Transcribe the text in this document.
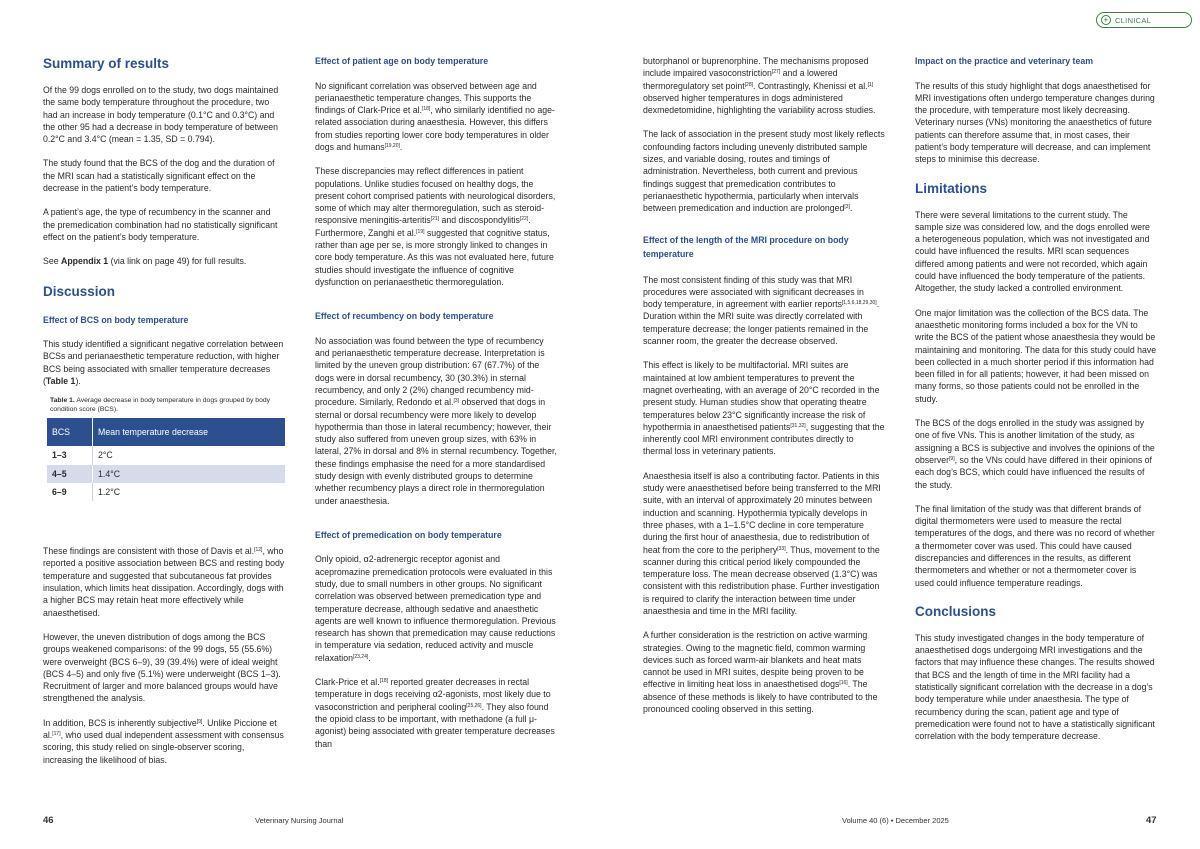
+ CLINICAL
Summary of results

Of the 99 dogs enrolled on to the study, two dogs maintained the same body temperature throughout the procedure, two had an increase in body temperature (0.1°C and 0.3°C) and the other 95 had a decrease in body temperature of between 0.2°C and 3.4°C (mean = 1.35, SD = 0.794).

The study found that the BCS of the dog and the duration of the MRI scan had a statistically significant effect on the decrease in the patient’s body temperature.

A patient’s age, the type of recumbency in the scanner and the premedication combination had no statistically significant effect on the patient’s body temperature.

See Appendix 1 (via link on page 49) for full results.

Discussion
Effect of BCS on body temperature

This study identified a significant negative correlation between BCSs and perianaesthetic temperature reduction, with higher BCS being associated with smaller temperature decreases (Table 1).

Table 1. Average decrease in body temperature in dogs grouped by body condition score (BCS).
BCS	Mean temperature decrease
1–3	2°C
4–5	1.4°C
6–9	1.2°C

These findings are consistent with those of Davis et al.[12], who reported a positive association between BCS and resting body temperature and suggested that subcutaneous fat provides insulation, which limits heat dissipation. Accordingly, dogs with a higher BCS may retain heat more effectively while anaesthetised.

However, the uneven distribution of dogs among the BCS groups weakened comparisons: of the 99 dogs, 55 (55.6%) were overweight (BCS 6–9), 39 (39.4%) were of ideal weight (BCS 4–5) and only five (5.1%) were underweight (BCS 1–3). Recruitment of larger and more balanced groups would have strengthened the analysis.

In addition, BCS is inherently subjective[9]. Unlike Piccione et al.[17], who used dual independent assessment with consensus scoring, this study relied on single-observer scoring, increasing the likelihood of bias.

Effect of patient age on body temperature

No significant correlation was observed between age and perianaesthetic temperature changes. This supports the findings of Clark-Price et al.[18], who similarly identified no age-related association during anaesthesia. However, this differs from studies reporting lower core body temperatures in older dogs and humans[19,20].

These discrepancies may reflect differences in patient populations. Unlike studies focused on healthy dogs, the present cohort comprised patients with neurological disorders, some of which may alter thermoregulation, such as steroid-responsive meningitis-arteritis[21] and discospondylitis[22]. Furthermore, Zanghi et al.[19] suggested that cognitive status, rather than age per se, is more strongly linked to changes in core body temperature. As this was not evaluated here, future studies should investigate the influence of cognitive dysfunction on perianaesthetic thermoregulation.

Effect of recumbency on body temperature

No association was found between the type of recumbency and perianaesthetic temperature decrease. Interpretation is limited by the uneven group distribution: 67 (67.7%) of the dogs were in dorsal recumbency, 30 (30.3%) in sternal recumbency, and only 2 (2%) changed recumbency mid-procedure. Similarly, Redondo et al.[3] observed that dogs in sternal or dorsal recumbency were more likely to develop hypothermia than those in lateral recumbency; however, their study also suffered from uneven group sizes, with 63% in lateral, 27% in dorsal and 8% in sternal recumbency. Together, these findings emphasise the need for a more standardised study design with evenly distributed groups to determine whether recumbency plays a direct role in thermoregulation under anaesthesia.

Effect of premedication on body temperature

Only opioid, α2-adrenergic receptor agonist and acepromazine premedication protocols were evaluated in this study, due to small numbers in other groups. No significant correlation was observed between premedication type and temperature decrease, although sedative and anaesthetic agents are well known to influence thermoregulation. Previous research has shown that premedication may cause reductions in temperature via sedation, reduced activity and muscle relaxation[23,24].

Clark-Price et al.[18] reported greater decreases in rectal temperature in dogs receiving α2-agonists, most likely due to vasoconstriction and peripheral cooling[25,26]. They also found the opioid class to be important, with methadone (a full μ-agonist) being associated with greater temperature decreases than

butorphanol or buprenorphine. The mechanisms proposed include impaired vasoconstriction[27] and a lowered thermoregulatory set point[28]. Contrastingly, Khenissi et al.[1] observed higher temperatures in dogs administered dexmedetomidine, highlighting the variability across studies.

The lack of association in the present study most likely reflects confounding factors including unevenly distributed sample sizes, and variable dosing, routes and timings of administration. Nevertheless, both current and previous findings suggest that premedication contributes to perianaesthetic hypothermia, particularly when intervals between premedication and induction are prolonged[3].

Effect of the length of the MRI procedure on body temperature

The most consistent finding of this study was that MRI procedures were associated with significant decreases in body temperature, in agreement with earlier reports[1,5,6,18,29,30]. Duration within the MRI suite was directly correlated with temperature decrease; the longer patients remained in the scanner room, the greater the decrease observed.

This effect is likely to be multifactorial. MRI suites are maintained at low ambient temperatures to prevent the magnet overheating, with an average of 20°C recorded in the present study. Human studies show that operating theatre temperatures below 23°C significantly increase the risk of hypothermia in anaesthetised patients[31,32], suggesting that the inherently cool MRI environment contributes directly to thermal loss in veterinary patients.

Anaesthesia itself is also a contributing factor. Patients in this study were anaesthetised before being transferred to the MRI suite, with an interval of approximately 20 minutes between induction and scanning. Hypothermia typically develops in three phases, with a 1–1.5°C decline in core temperature during the first hour of anaesthesia, due to redistribution of heat from the core to the periphery[33]. Thus, movement to the scanner during this critical period likely compounded the temperature loss. The mean decrease observed (1.3°C) was consistent with this redistribution phase. Further investigation is required to clarify the interaction between time under anaesthesia and time in the MRI facility.

A further consideration is the restriction on active warming strategies. Owing to the magnetic field, common warming devices such as forced warm-air blankets and heat mats cannot be used in MRI suites, despite being proven to be effective in limiting heat loss in anaesthetised dogs[16]. The absence of these methods is likely to have contributed to the pronounced cooling observed in this setting.

Impact on the practice and veterinary team

The results of this study highlight that dogs anaesthetised for MRI investigations often undergo temperature changes during the procedure, with temperature most likely decreasing. Veterinary nurses (VNs) monitoring the anaesthetics of future patients can therefore assume that, in most cases, their patient’s body temperature will decrease, and can implement steps to minimise this decrease.

Limitations

There were several limitations to the current study. The sample size was considered low, and the dogs enrolled were a heterogeneous population, which was not investigated and could have influenced the results. MRI scan sequences differed among patients and were not recorded, which again could have influenced the body temperature of the patients. Altogether, the study lacked a controlled environment.

One major limitation was the collection of the BCS data. The anaesthetic monitoring forms included a box for the VN to write the BCS of the patient whose anaesthesia they would be maintaining and monitoring. The data for this study could have been collected in a much shorter period if this information had been filled in for all patients; however, it had been missed on many forms, so those patients could not be enrolled in the study.

The BCS of the dogs enrolled in the study was assigned by one of five VNs. This is another limitation of the study, as assigning a BCS is subjective and involves the opinions of the observer[9], so the VNs could have differed in their opinions of each dog’s BCS, which could have influenced the results of the study.

The final limitation of the study was that different brands of digital thermometers were used to measure the rectal temperatures of the dogs, and there was no record of whether a thermometer cover was used. This could have caused discrepancies and differences in the results, as different thermometers and whether or not a thermometer cover is used could influence temperature readings.

Conclusions

This study investigated changes in the body temperature of anaesthetised dogs undergoing MRI investigations and the factors that may influence these changes. The results showed that BCS and the length of time in the MRI facility had a statistically significant correlation with the decrease in a dog’s body temperature while under anaesthesia. The type of recumbency during the scan, patient age and type of premedication were found not to have a statistically significant correlation with the body temperature decrease.

46	Veterinary Nursing Journal	Volume 40 (6) • December 2025	47
